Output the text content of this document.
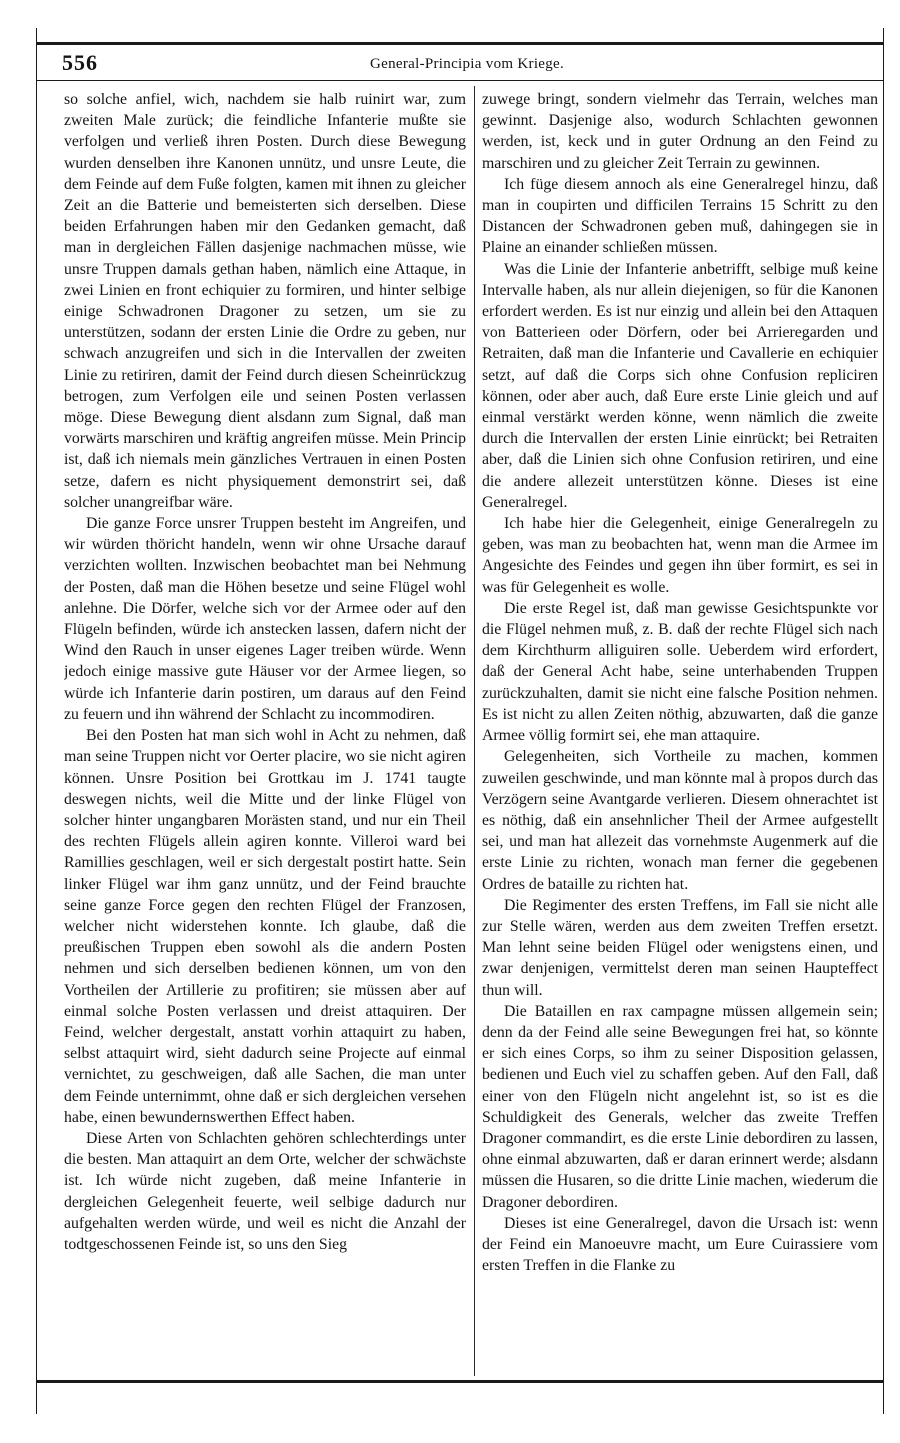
556	General-Principia vom Kriege.

so solche anfiel, wich, nachdem sie halb ruinirt war, zum zweiten Male zurück; die feindliche Infanterie mußte sie verfolgen und verließ ihren Posten. Durch diese Bewegung wurden denselben ihre Kanonen unnütz, und unsre Leute, die dem Feinde auf dem Fuße folgten, kamen mit ihnen zu gleicher Zeit an die Batterie und bemeisterten sich derselben. Diese beiden Erfahrungen haben mir den Gedanken gemacht, daß man in dergleichen Fällen dasjenige nachmachen müsse, wie unsre Truppen damals gethan haben, nämlich eine Attaque, in zwei Linien en front echiquier zu formiren, und hinter selbige einige Schwadronen Dragoner zu setzen, um sie zu unterstützen, sodann der ersten Linie die Ordre zu geben, nur schwach anzugreifen und sich in die Intervallen der zweiten Linie zu retiriren, damit der Feind durch diesen Scheinrückzug betrogen, zum Verfolgen eile und seinen Posten verlassen möge. Diese Bewegung dient alsdann zum Signal, daß man vorwärts marschiren und kräftig angreifen müsse. Mein Princip ist, daß ich niemals mein gänzliches Vertrauen in einen Posten setze, dafern es nicht physiquement demonstrirt sei, daß solcher unangreifbar wäre.

Die ganze Force unsrer Truppen besteht im Angreifen, und wir würden thöricht handeln, wenn wir ohne Ursache darauf verzichten wollten. Inzwischen beobachtet man bei Nehmung der Posten, daß man die Höhen besetze und seine Flügel wohl anlehne. Die Dörfer, welche sich vor der Armee oder auf den Flügeln befinden, würde ich anstecken lassen, dafern nicht der Wind den Rauch in unser eigenes Lager treiben würde. Wenn jedoch einige massive gute Häuser vor der Armee liegen, so würde ich Infanterie darin postiren, um daraus auf den Feind zu feuern und ihn während der Schlacht zu incommodiren.

Bei den Posten hat man sich wohl in Acht zu nehmen, daß man seine Truppen nicht vor Oerter placire, wo sie nicht agiren können. Unsre Position bei Grottkau im J. 1741 taugte deswegen nichts, weil die Mitte und der linke Flügel von solcher hinter ungangbaren Morästen stand, und nur ein Theil des rechten Flügels allein agiren konnte. Villeroi ward bei Ramillies geschlagen, weil er sich dergestalt postirt hatte. Sein linker Flügel war ihm ganz unnütz, und der Feind brauchte seine ganze Force gegen den rechten Flügel der Franzosen, welcher nicht widerstehen konnte. Ich glaube, daß die preußischen Truppen eben sowohl als die andern Posten nehmen und sich derselben bedienen können, um von den Vortheilen der Artillerie zu profitiren; sie müssen aber auf einmal solche Posten verlassen und dreist attaquiren. Der Feind, welcher dergestalt, anstatt vorhin attaquirt zu haben, selbst attaquirt wird, sieht dadurch seine Projecte auf einmal vernichtet, zu geschweigen, daß alle Sachen, die man unter dem Feinde unternimmt, ohne daß er sich dergleichen versehen habe, einen bewundernswerthen Effect haben.

Diese Arten von Schlachten gehören schlechterdings unter die besten. Man attaquirt an dem Orte, welcher der schwächste ist. Ich würde nicht zugeben, daß meine Infanterie in dergleichen Gelegenheit feuerte, weil selbige dadurch nur aufgehalten werden würde, und weil es nicht die Anzahl der todtgeschossenen Feinde ist, so uns den Sieg

zuwege bringt, sondern vielmehr das Terrain, welches man gewinnt. Dasjenige also, wodurch Schlachten gewonnen werden, ist, keck und in guter Ordnung an den Feind zu marschiren und zu gleicher Zeit Terrain zu gewinnen.

Ich füge diesem annoch als eine Generalregel hinzu, daß man in coupirten und difficilen Terrains 15 Schritt zu den Distancen der Schwadronen geben muß, dahingegen sie in Plaine an einander schließen müssen.

Was die Linie der Infanterie anbetrifft, selbige muß keine Intervalle haben, als nur allein diejenigen, so für die Kanonen erfordert werden. Es ist nur einzig und allein bei den Attaquen von Batterieen oder Dörfern, oder bei Arrieregarden und Retraiten, daß man die Infanterie und Cavallerie en echiquier setzt, auf daß die Corps sich ohne Confusion repliciren können, oder aber auch, daß Eure erste Linie gleich und auf einmal verstärkt werden könne, wenn nämlich die zweite durch die Intervallen der ersten Linie einrückt; bei Retraiten aber, daß die Linien sich ohne Confusion retiriren, und eine die andere allezeit unterstützen könne. Dieses ist eine Generalregel.

Ich habe hier die Gelegenheit, einige Generalregeln zu geben, was man zu beobachten hat, wenn man die Armee im Angesichte des Feindes und gegen ihn über formirt, es sei in was für Gelegenheit es wolle.

Die erste Regel ist, daß man gewisse Gesichtspunkte vor die Flügel nehmen muß, z. B. daß der rechte Flügel sich nach dem Kirchthurm alliguiren solle. Ueberdem wird erfordert, daß der General Acht habe, seine unterhabenden Truppen zurückzuhalten, damit sie nicht eine falsche Position nehmen. Es ist nicht zu allen Zeiten nöthig, abzuwarten, daß die ganze Armee völlig formirt sei, ehe man attaquire.

Gelegenheiten, sich Vortheile zu machen, kommen zuweilen geschwinde, und man könnte mal à propos durch das Verzögern seine Avantgarde verlieren. Diesem ohnerachtet ist es nöthig, daß ein ansehnlicher Theil der Armee aufgestellt sei, und man hat allezeit das vornehmste Augenmerk auf die erste Linie zu richten, wonach man ferner die gegebenen Ordres de bataille zu richten hat.

Die Regimenter des ersten Treffens, im Fall sie nicht alle zur Stelle wären, werden aus dem zweiten Treffen ersetzt. Man lehnt seine beiden Flügel oder wenigstens einen, und zwar denjenigen, vermittelst deren man seinen Haupteffect thun will.

Die Bataillen en rax campagne müssen allgemein sein; denn da der Feind alle seine Bewegungen frei hat, so könnte er sich eines Corps, so ihm zu seiner Disposition gelassen, bedienen und Euch viel zu schaffen geben. Auf den Fall, daß einer von den Flügeln nicht angelehnt ist, so ist es die Schuldigkeit des Generals, welcher das zweite Treffen Dragoner commandirt, es die erste Linie debordiren zu lassen, ohne einmal abzuwarten, daß er daran erinnert werde; alsdann müssen die Husaren, so die dritte Linie machen, wiederum die Dragoner debordiren.

Dieses ist eine Generalregel, davon die Ursach ist: wenn der Feind ein Manoeuvre macht, um Eure Cuirassiere vom ersten Treffen in die Flanke zu
